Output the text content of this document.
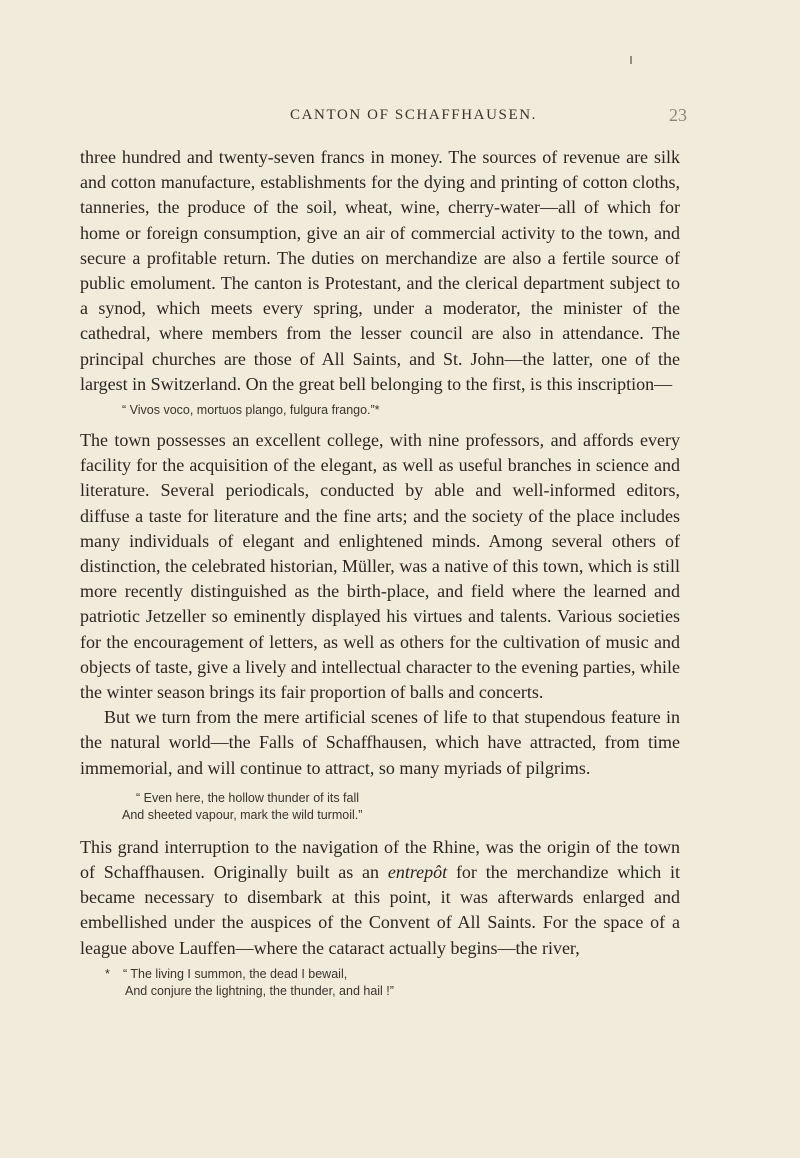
CANTON OF SCHAFFHAUSEN.	23

three hundred and twenty-seven francs in money. The sources of revenue are silk and cotton manufacture, establishments for the dying and printing of cotton cloths, tanneries, the produce of the soil, wheat, wine, cherry-water—all of which for home or foreign consumption, give an air of commercial activity to the town, and secure a profitable return. The duties on merchandize are also a fertile source of public emolument. The canton is Protestant, and the clerical department subject to a synod, which meets every spring, under a moderator, the minister of the cathedral, where members from the lesser council are also in attendance. The principal churches are those of All Saints, and St. John—the latter, one of the largest in Switzerland. On the great bell belonging to the first, is this inscription—

“ Vivos voco, mortuos plango, fulgura frango.”*

The town possesses an excellent college, with nine professors, and affords every facility for the acquisition of the elegant, as well as useful branches in science and literature. Several periodicals, conducted by able and well-informed editors, diffuse a taste for literature and the fine arts; and the society of the place includes many individuals of elegant and enlightened minds. Among several others of distinction, the celebrated historian, Müller, was a native of this town, which is still more recently distinguished as the birth-place, and field where the learned and patriotic Jetzeller so eminently displayed his virtues and talents. Various societies for the encouragement of letters, as well as others for the cultivation of music and objects of taste, give a lively and intellectual character to the evening parties, while the winter season brings its fair proportion of balls and concerts.

But we turn from the mere artificial scenes of life to that stupendous feature in the natural world—the Falls of Schaffhausen, which have attracted, from time immemorial, and will continue to attract, so many myriads of pilgrims.

“ Even here, the hollow thunder of its fall
And sheeted vapour, mark the wild turmoil.”

This grand interruption to the navigation of the Rhine, was the origin of the town of Schaffhausen. Originally built as an entrepôt for the merchandize which it became necessary to disembark at this point, it was afterwards enlarged and embellished under the auspices of the Convent of All Saints. For the space of a league above Lauffen—where the cataract actually begins—the river,

* “ The living I summon, the dead I bewail,
And conjure the lightning, the thunder, and hail !”
